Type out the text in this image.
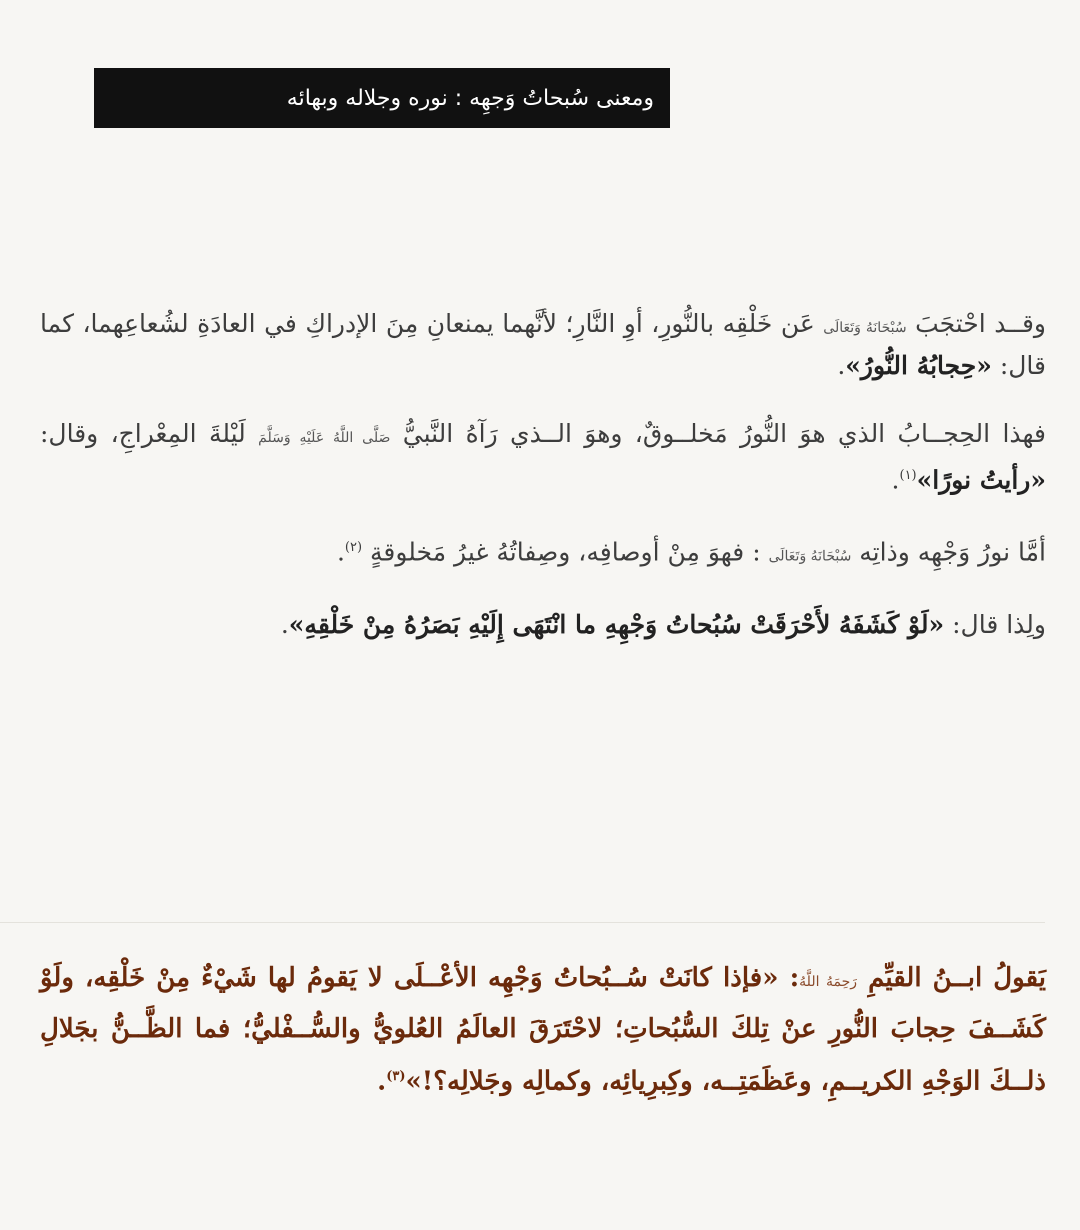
ومعنى سُبحاتُ وَجهِه : نوره وجلاله وبهائه

وقــد احْتجَبَ سُبْحَانَهُ وَتَعَالَى عَن خَلْقِه بالنُّورِ، أوِ النَّارِ؛ لأنَّهما يمنعانِ مِنَ الإدراكِ في العادَةِ لشُعاعِهما، كما قال: «حِجابُهُ النُّورُ».

فهذا الحِجــابُ الذي هوَ النُّورُ مَخلــوقٌ، وهوَ الــذي رَآهُ النَّبيُّ صَلَّى اللَّهُ عَلَيْهِ وَسَلَّمَ لَيْلةَ المِعْراجِ، وقال: «رأيتُ نورًا»$^{(١)}$.

أمَّا نورُ وَجْهِه وذاتِه سُبْحَانَهُ وَتَعَالَى : فهوَ مِنْ أوصافِه، وصِفاتُهُ غيرُ مَخلوقةٍ $^{(٢)}$.

ولِذا قال: «لَوْ كَشَفَهُ لأَحْرَقَتْ سُبُحاتُ وَجْهِهِ ما انْتَهَى إِلَيْهِ بَصَرُهُ مِنْ خَلْقِهِ».

يَقولُ ابــنُ القيِّمِ رَحِمَهُ اللَّهُ: «فإذا كانَتْ سُــبُحاتُ وَجْهِه الأعْــلَى لا يَقومُ لها شَيْءٌ مِنْ خَلْقِه، ولَوْ كَشَــفَ حِجابَ النُّورِ عنْ تِلكَ السُّبُحاتِ؛ لاحْتَرَقَ العالَمُ العُلويُّ والسُّــفْليُّ؛ فما الظَّــنُّ بجَلالِ ذلــكَ الوَجْهِ الكريــمِ، وعَظَمَتِــه، وكِبرِيائِه، وكمالِه وجَلالِه؟!»$^{(٣)}$.
